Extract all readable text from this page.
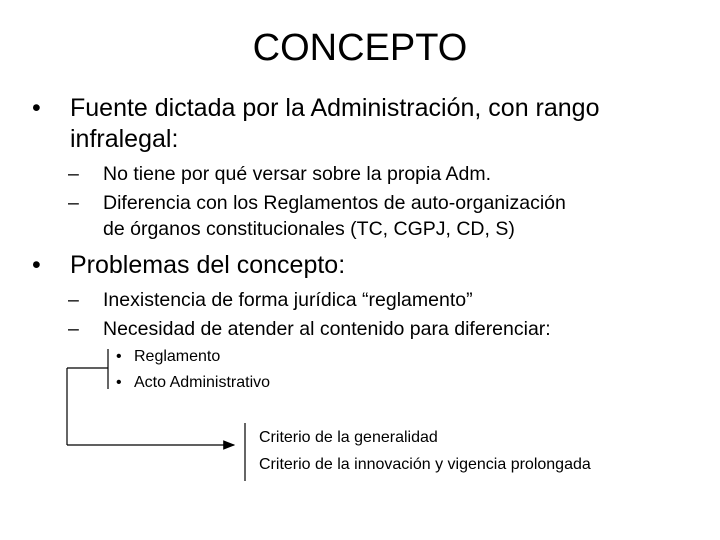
CONCEPTO
• Fuente dictada por la Administración, con rango
infralegal:
– No tiene por qué versar sobre la propia Adm.
– Diferencia con los Reglamentos de auto-organización
de órganos constitucionales (TC, CGPJ, CD, S)
• Problemas del concepto:
– Inexistencia de forma jurídica “reglamento”
– Necesidad de atender al contenido para diferenciar:
• Reglamento
• Acto Administrativo
Criterio de la generalidad
Criterio de la innovación y vigencia prolongada
